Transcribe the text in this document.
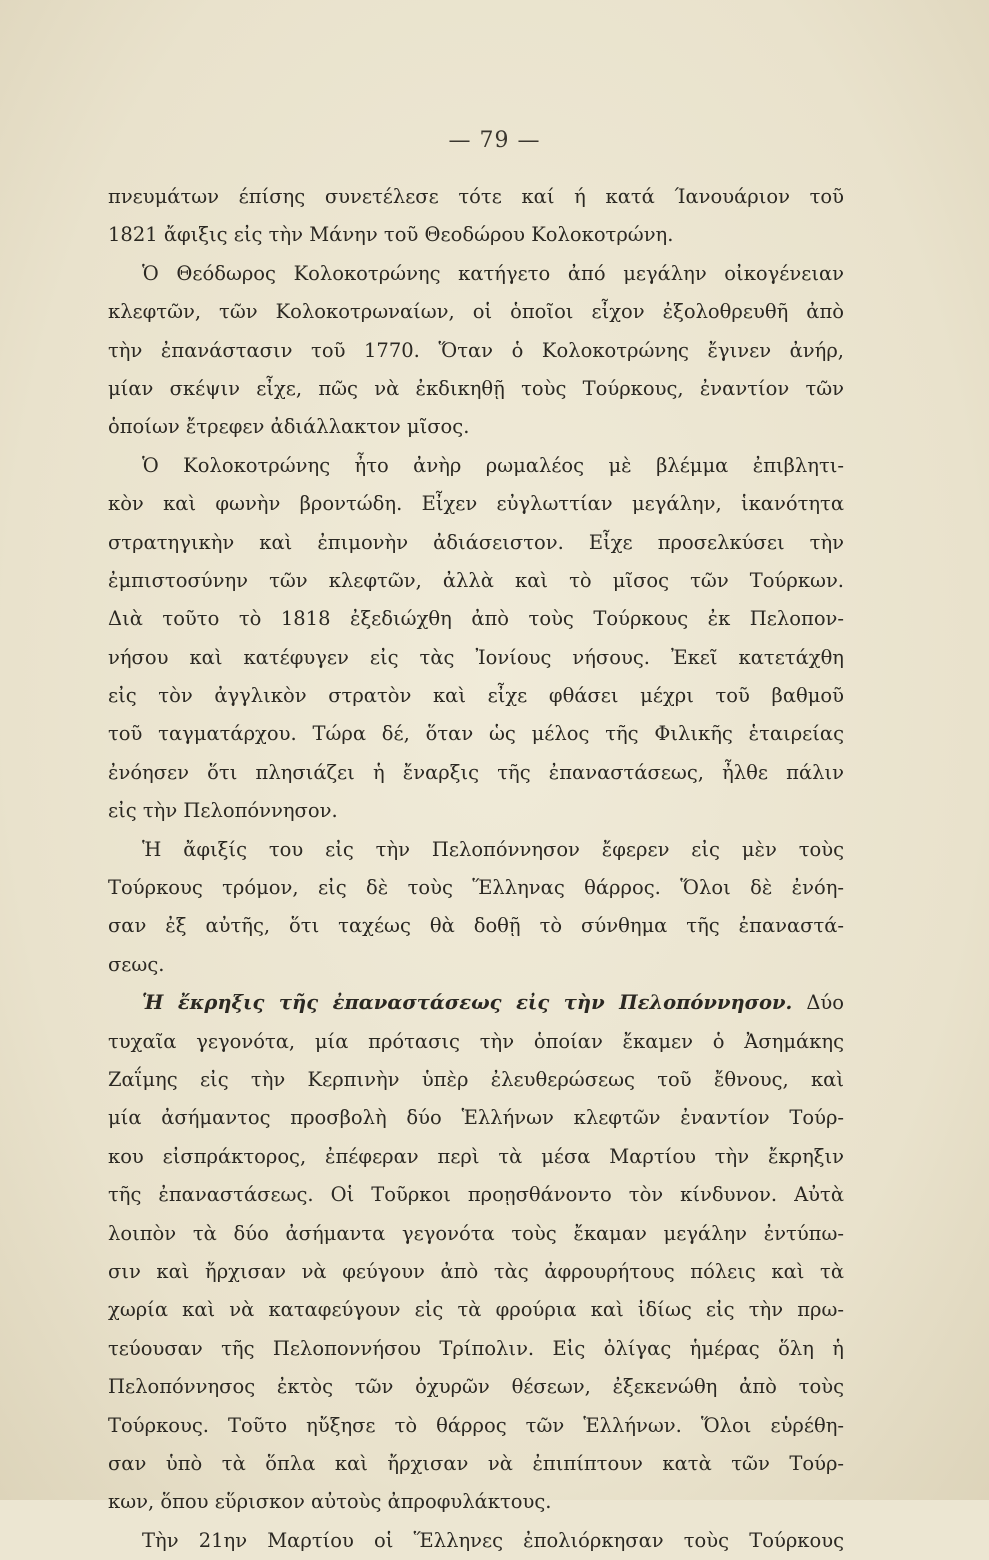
— 79 —
πνευμάτων έπίσης συνετέλεσε τότε καί ή κατά Ίανουάριον τοῦ
1821 ἄφιξις εἰς τὴν Μάνην τοῦ Θεοδώρου Κολοκοτρώνη.
Ὁ Θεόδωρος Κολοκοτρώνης κατήγετο ἀπό μεγάλην οἰκογένειαν
κλεφτῶν, τῶν Κολοκοτρωναίων, οἱ ὁποῖοι εἶχον ἐξολοθρευθῆ ἀπὸ
τὴν ἐπανάστασιν τοῦ 1770. Ὅταν ὁ Κολοκοτρώνης ἔγινεν ἀνήρ,
μίαν σκέψιν εἶχε, πῶς νὰ ἐκδικηθῇ τοὺς Τούρκους, ἐναντίον τῶν
ὁποίων ἔτρεφεν ἀδιάλλακτον μῖσος.
Ὁ Κολοκοτρώνης ἦτο ἀνὴρ ρωμαλέος μὲ βλέμμα ἐπιβλητι-
κὸν καὶ φωνὴν βροντώδη. Εἶχεν εὐγλωττίαν μεγάλην, ἱκανότητα
στρατηγικὴν καὶ ἐπιμονὴν ἀδιάσειστον. Εἶχε προσελκύσει τὴν
ἐμπιστοσύνην τῶν κλεφτῶν, ἀλλὰ καὶ τὸ μῖσος τῶν Τούρκων.
Διὰ τοῦτο τὸ 1818 ἐξεδιώχθη ἀπὸ τοὺς Τούρκους ἐκ Πελοπον-
νήσου καὶ κατέφυγεν εἰς τὰς Ἰονίους νήσους. Ἐκεῖ κατετάχθη
εἰς τὸν ἀγγλικὸν στρατὸν καὶ εἶχε φθάσει μέχρι τοῦ βαθμοῦ
τοῦ ταγματάρχου. Τώρα δέ, ὅταν ὡς μέλος τῆς Φιλικῆς ἑταιρείας
ἐνόησεν ὅτι πλησιάζει ἡ ἔναρξις τῆς ἐπαναστάσεως, ἦλθε πάλιν
εἰς τὴν Πελοπόννησον.
Ἡ ἄφιξίς του εἰς τὴν Πελοπόννησον ἔφερεν εἰς μὲν τοὺς
Τούρκους τρόμον, εἰς δὲ τοὺς Ἕλληνας θάρρος. Ὅλοι δὲ ἐνόη-
σαν ἐξ αὐτῆς, ὅτι ταχέως θὰ δοθῇ τὸ σύνθημα τῆς ἐπαναστά-
σεως.
Ἡ ἔκρηξις τῆς ἐπαναστάσεως εἰς τὴν Πελοπόννησον. Δύο
τυχαῖα γεγονότα, μία πρότασις τὴν ὁποίαν ἔκαμεν ὁ Ἀσημάκης
Ζαΐμης εἰς τὴν Κερπινὴν ὑπὲρ ἐλευθερώσεως τοῦ ἔθνους, καὶ
μία ἀσήμαντος προσβολὴ δύο Ἑλλήνων κλεφτῶν ἐναντίον Τούρ-
κου εἰσπράκτορος, ἐπέφεραν περὶ τὰ μέσα Μαρτίου τὴν ἔκρηξιν
τῆς ἐπαναστάσεως. Οἱ Τοῦρκοι προῃσθάνοντο τὸν κίνδυνον. Αὐτὰ
λοιπὸν τὰ δύο ἀσήμαντα γεγονότα τοὺς ἔκαμαν μεγάλην ἐντύπω-
σιν καὶ ἤρχισαν νὰ φεύγουν ἀπὸ τὰς ἀφρουρήτους πόλεις καὶ τὰ
χωρία καὶ νὰ καταφεύγουν εἰς τὰ φρούρια καὶ ἰδίως εἰς τὴν πρω-
τεύουσαν τῆς Πελοποννήσου Τρίπολιν. Εἰς ὀλίγας ἡμέρας ὅλη ἡ
Πελοπόννησος ἐκτὸς τῶν ὀχυρῶν θέσεων, ἐξεκενώθη ἀπὸ τοὺς
Τούρκους. Τοῦτο ηὔξησε τὸ θάρρος τῶν Ἑλλήνων. Ὅλοι εὑρέθη-
σαν ὑπὸ τὰ ὅπλα καὶ ἤρχισαν νὰ ἐπιπίπτουν κατὰ τῶν Τούρ-
κων, ὅπου εὕρισκον αὐτοὺς ἀπροφυλάκτους.
Τὴν 21ην Μαρτίου οἱ Ἕλληνες ἐπολιόρκησαν τοὺς Τούρκους
